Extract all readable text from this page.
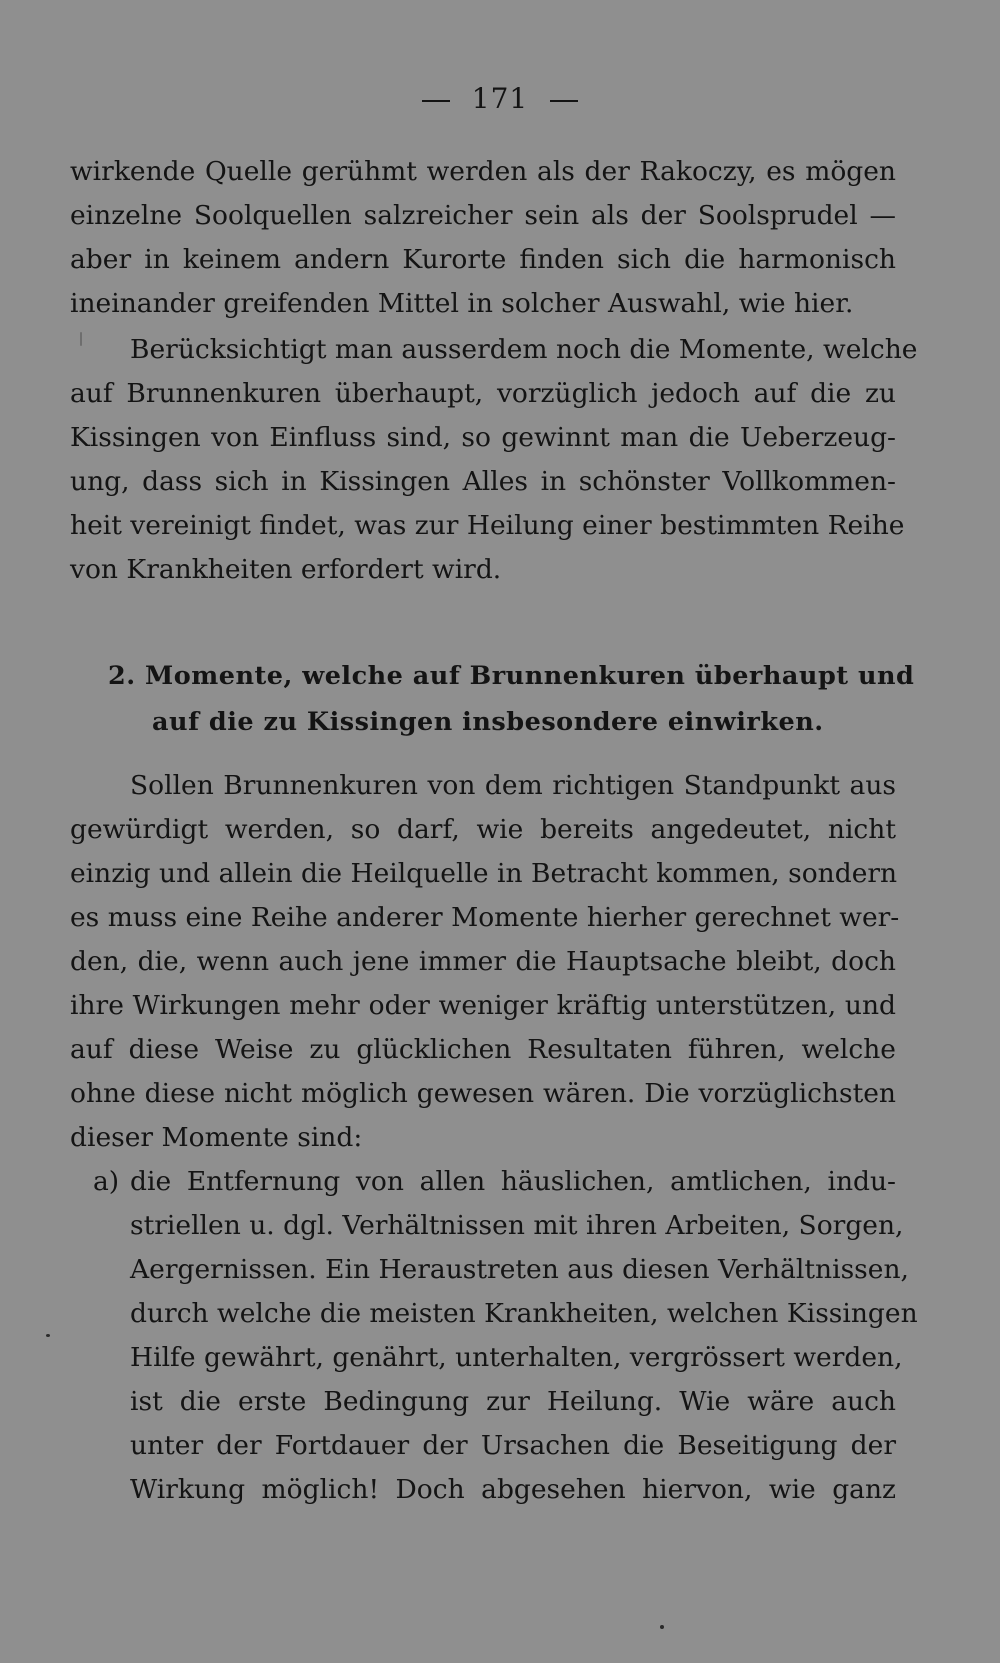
171
wirkende Quelle gerühmt werden als der Rakoczy, es mögen
einzelne Soolquellen salzreicher sein als der Soolsprudel —
aber in keinem andern Kurorte finden sich die harmonisch
ineinander greifenden Mittel in solcher Auswahl, wie hier.
Berücksichtigt man ausserdem noch die Momente, welche
auf Brunnenkuren überhaupt, vorzüglich jedoch auf die zu
Kissingen von Einfluss sind, so gewinnt man die Ueberzeug-
ung, dass sich in Kissingen Alles in schönster Vollkommen-
heit vereinigt findet, was zur Heilung einer bestimmten Reihe
von Krankheiten erfordert wird.
2. Momente, welche auf Brunnenkuren überhaupt und
auf die zu Kissingen insbesondere einwirken.
Sollen Brunnenkuren von dem richtigen Standpunkt aus
gewürdigt werden, so darf, wie bereits angedeutet, nicht
einzig und allein die Heilquelle in Betracht kommen, sondern
es muss eine Reihe anderer Momente hierher gerechnet wer-
den, die, wenn auch jene immer die Hauptsache bleibt, doch
ihre Wirkungen mehr oder weniger kräftig unterstützen, und
auf diese Weise zu glücklichen Resultaten führen, welche
ohne diese nicht möglich gewesen wären. Die vorzüglichsten
dieser Momente sind:
a) die Entfernung von allen häuslichen, amtlichen, indu-
striellen u. dgl. Verhältnissen mit ihren Arbeiten, Sorgen,
Aergernissen. Ein Heraustreten aus diesen Verhältnissen,
durch welche die meisten Krankheiten, welchen Kissingen
Hilfe gewährt, genährt, unterhalten, vergrössert werden,
ist die erste Bedingung zur Heilung. Wie wäre auch
unter der Fortdauer der Ursachen die Beseitigung der
Wirkung möglich! Doch abgesehen hiervon, wie ganz
